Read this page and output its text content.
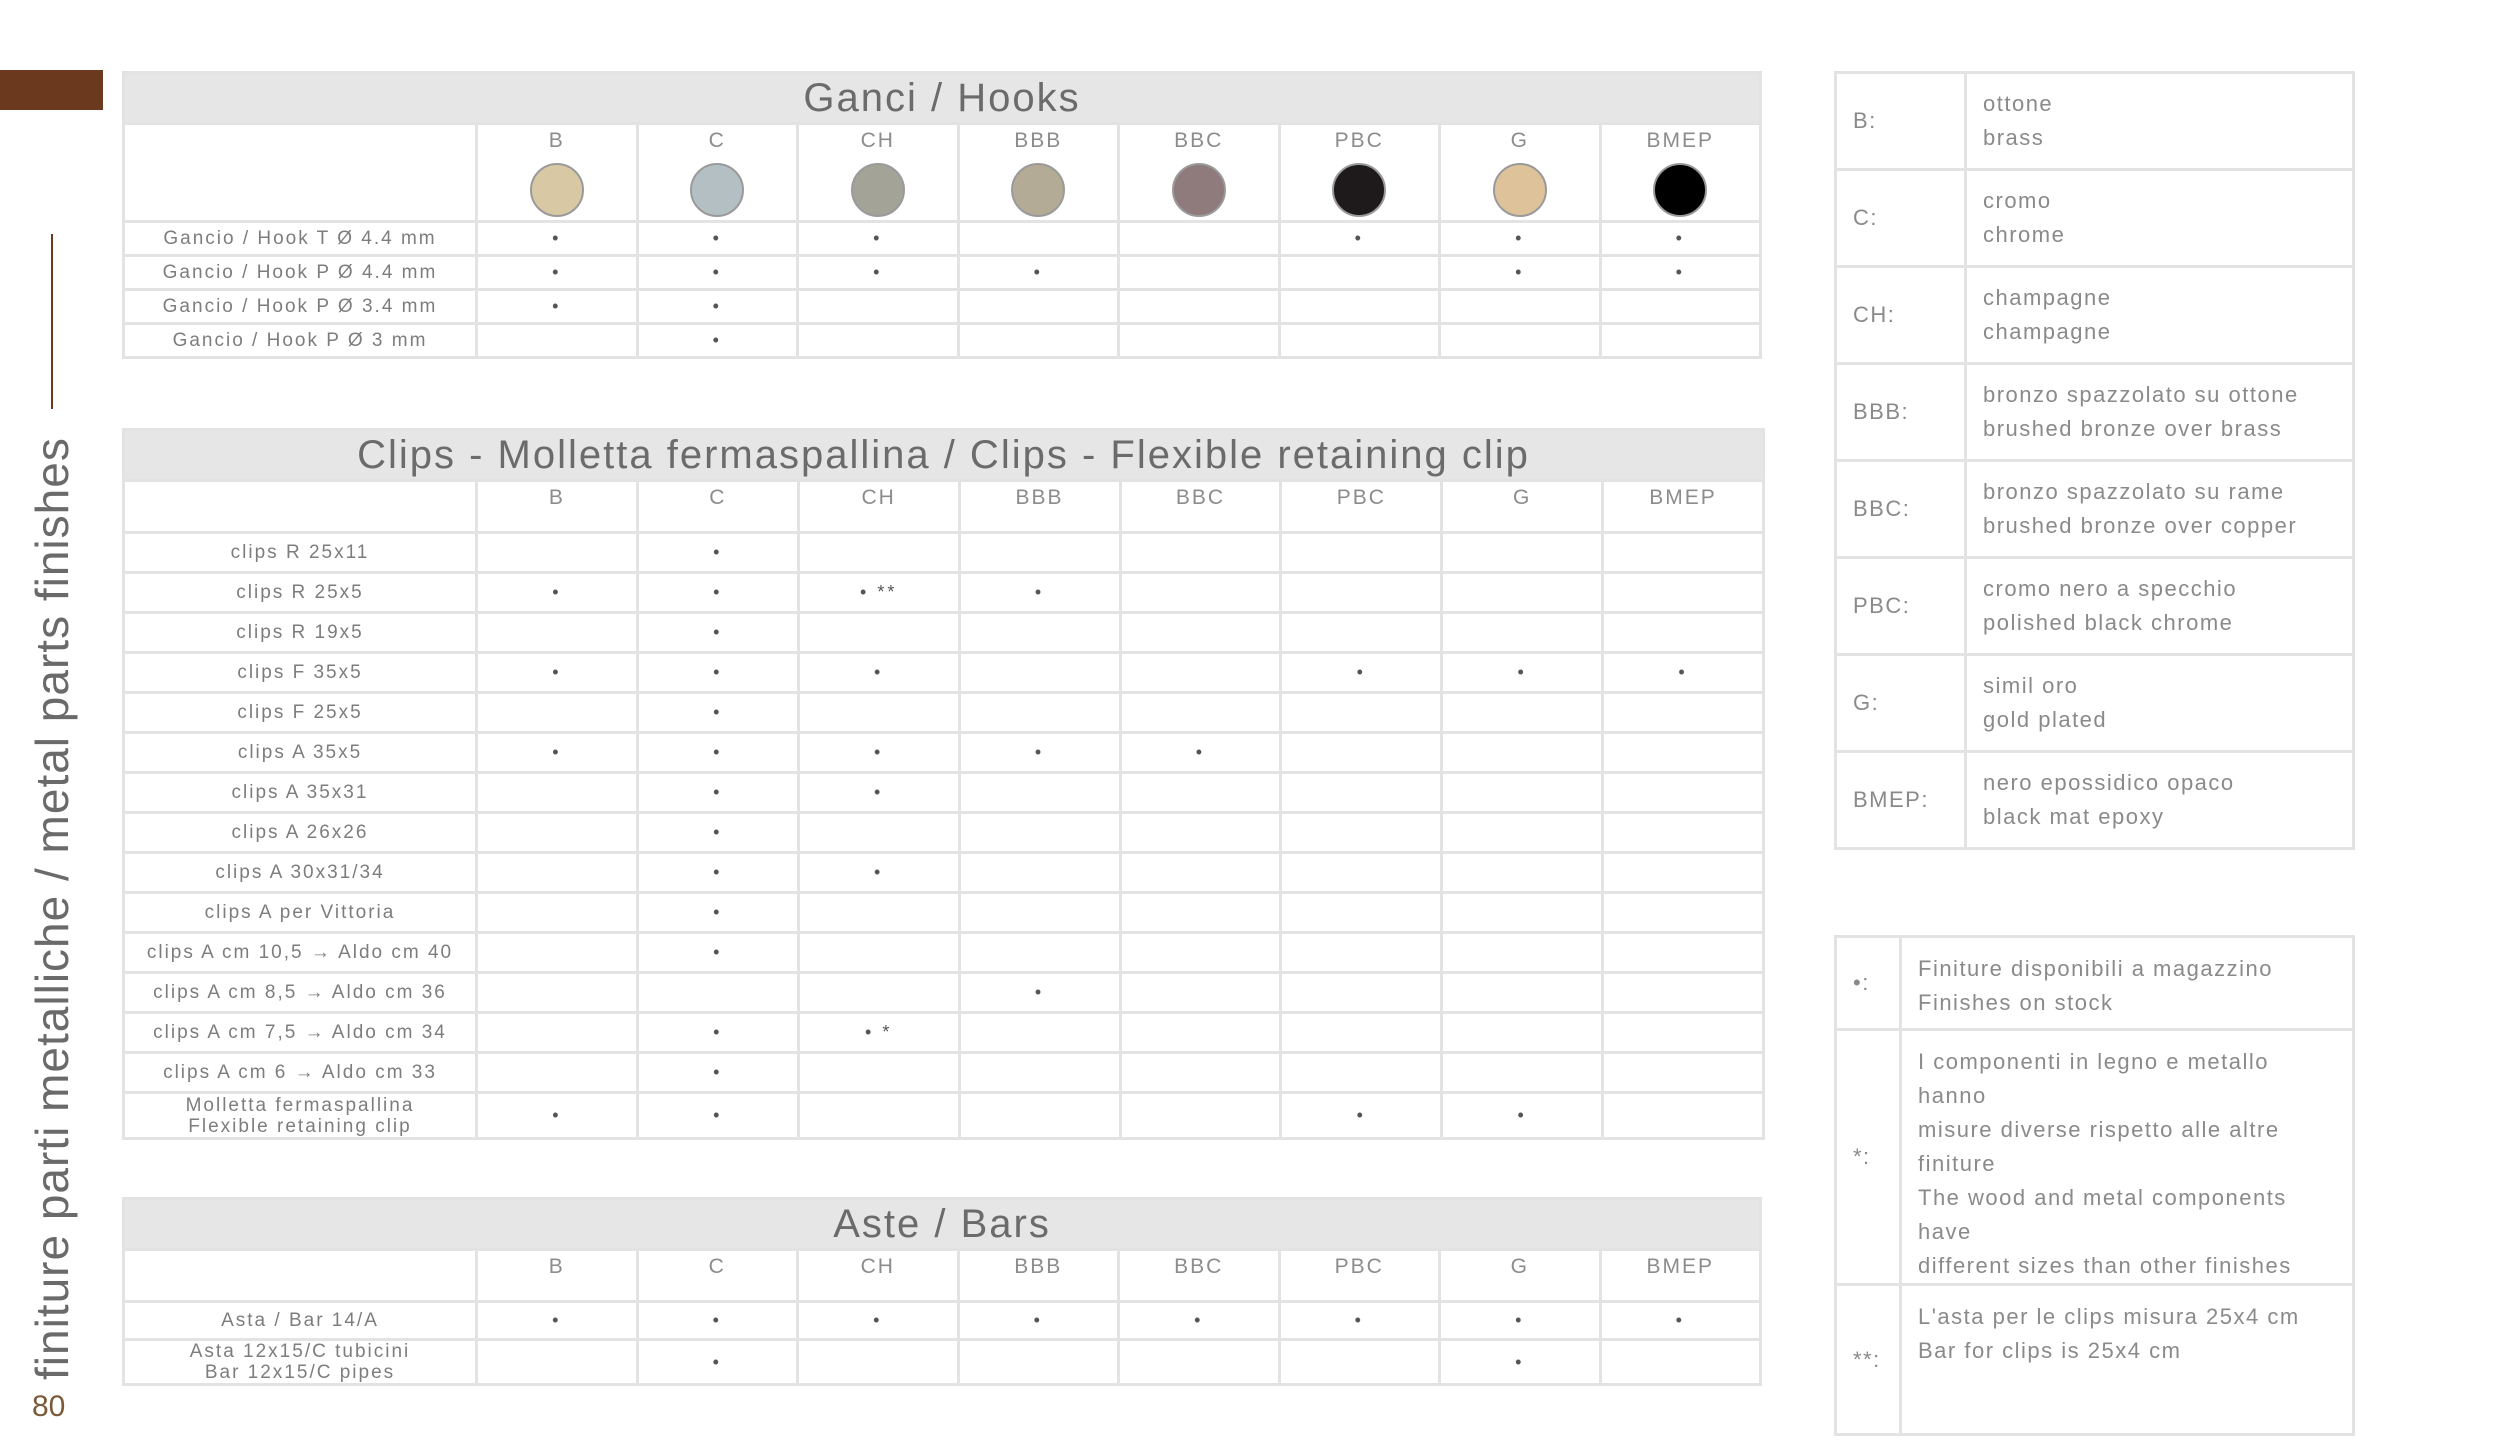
finiture parti metalliche / metal parts finishes
80
Ganci / Hooks								

	B	C	CH	BBB	BBC	PBC	G	BMEP

Gancio / Hook T Ø 4.4 mm	•	•	•			•	•	•

Gancio / Hook P Ø 4.4 mm	•	•	•	•			•	•

Gancio / Hook P Ø 3.4 mm	•	•						

Gancio / Hook P Ø 3 mm		•						
Clips - Molletta fermaspallina / Clips - Flexible retaining clip								

	B	C	CH	BBB	BBC	PBC	G	BMEP

clips R 25x11		•						

clips R 25x5	•	•	• **	•				

clips R 19x5		•						

clips F 35x5	•	•	•			•	•	•

clips F 25x5		•						

clips A 35x5	•	•	•	•	•			

clips A 35x31		•	•					

clips A 26x26		•						

clips A 30x31/34		•	•					

clips A per Vittoria		•						

clips A cm 10,5 → Aldo cm 40		•						

clips A cm 8,5 → Aldo cm 36				•				

clips A cm 7,5 → Aldo cm 34		•	• *					

clips A cm 6 → Aldo cm 33		•						

Molletta fermaspallina
Flexible retaining clip	•	•				•	•	
Aste / Bars								

	B	C	CH	BBB	BBC	PBC	G	BMEP

Asta / Bar 14/A	•	•	•	•	•	•	•	•

Asta 12x15/C tubicini
Bar 12x15/C pipes		•					•	
B:	ottone
brass

C:	cromo
chrome

CH:	champagne
champagne

BBB:	bronzo spazzolato su ottone
brushed bronze over brass

BBC:	bronzo spazzolato su rame
brushed bronze over copper

PBC:	cromo nero a specchio
polished black chrome

G:	simil oro
gold plated

BMEP:	nero epossidico opaco
black mat epoxy
•:	Finiture disponibili a magazzino
Finishes on stock

*:	I componenti in legno e metallo hanno
misure diverse rispetto alle altre
finiture
The wood and metal components have
different sizes than other finishes

**:	L'asta per le clips misura 25x4 cm
Bar for clips is 25x4 cm
